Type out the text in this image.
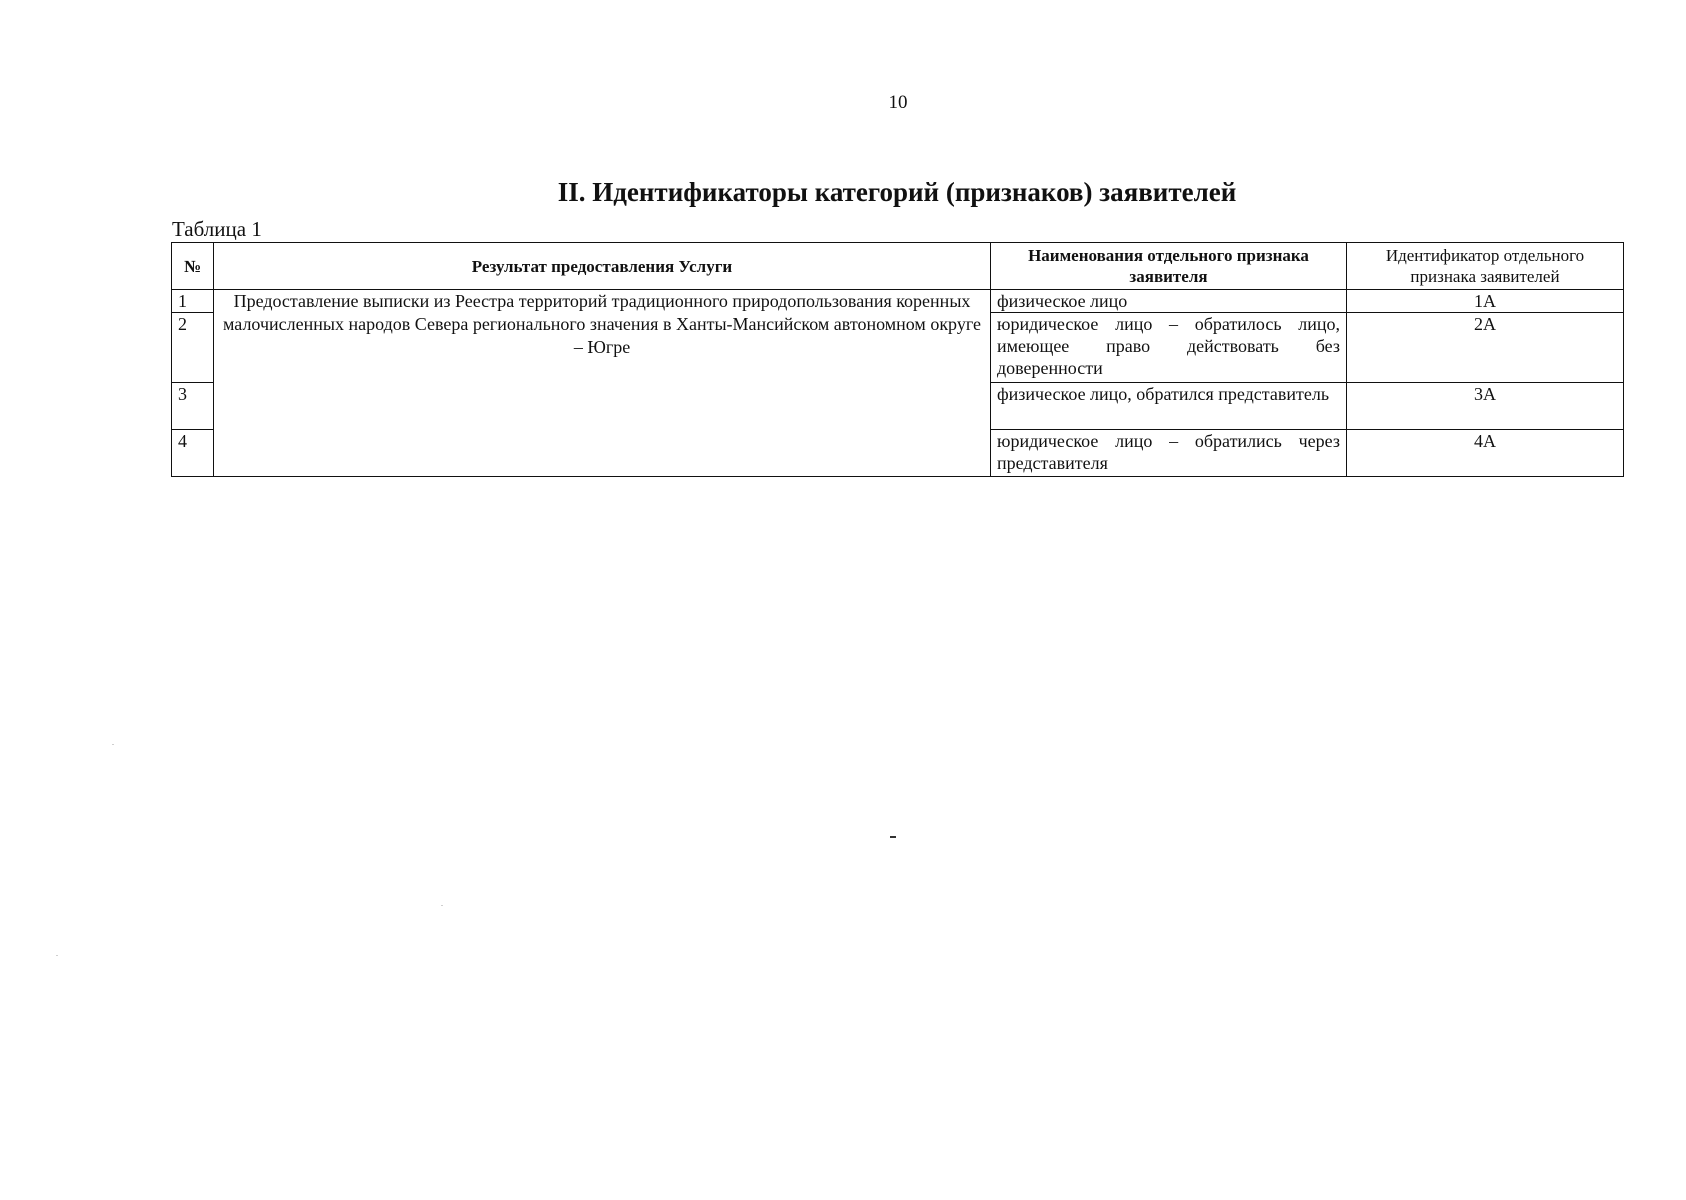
10
II. Идентификаторы категорий (признаков) заявителей
Таблица 1
№	Результат предоставления Услуги	Наименования отдельного признака заявителя	Идентификатор отдельного признака заявителей
1	Предоставление выписки из Реестра территорий традиционного природопользования коренных малочисленных народов Севера регионального значения в Ханты-Мансийском автономном округе – Югре	физическое лицо	1А
2		юридическое лицо – обратилось лицо, имеющее право действовать без доверенности	2А
3		физическое лицо, обратился представитель	3А
4		юридическое лицо – обратились через представителя	4А
